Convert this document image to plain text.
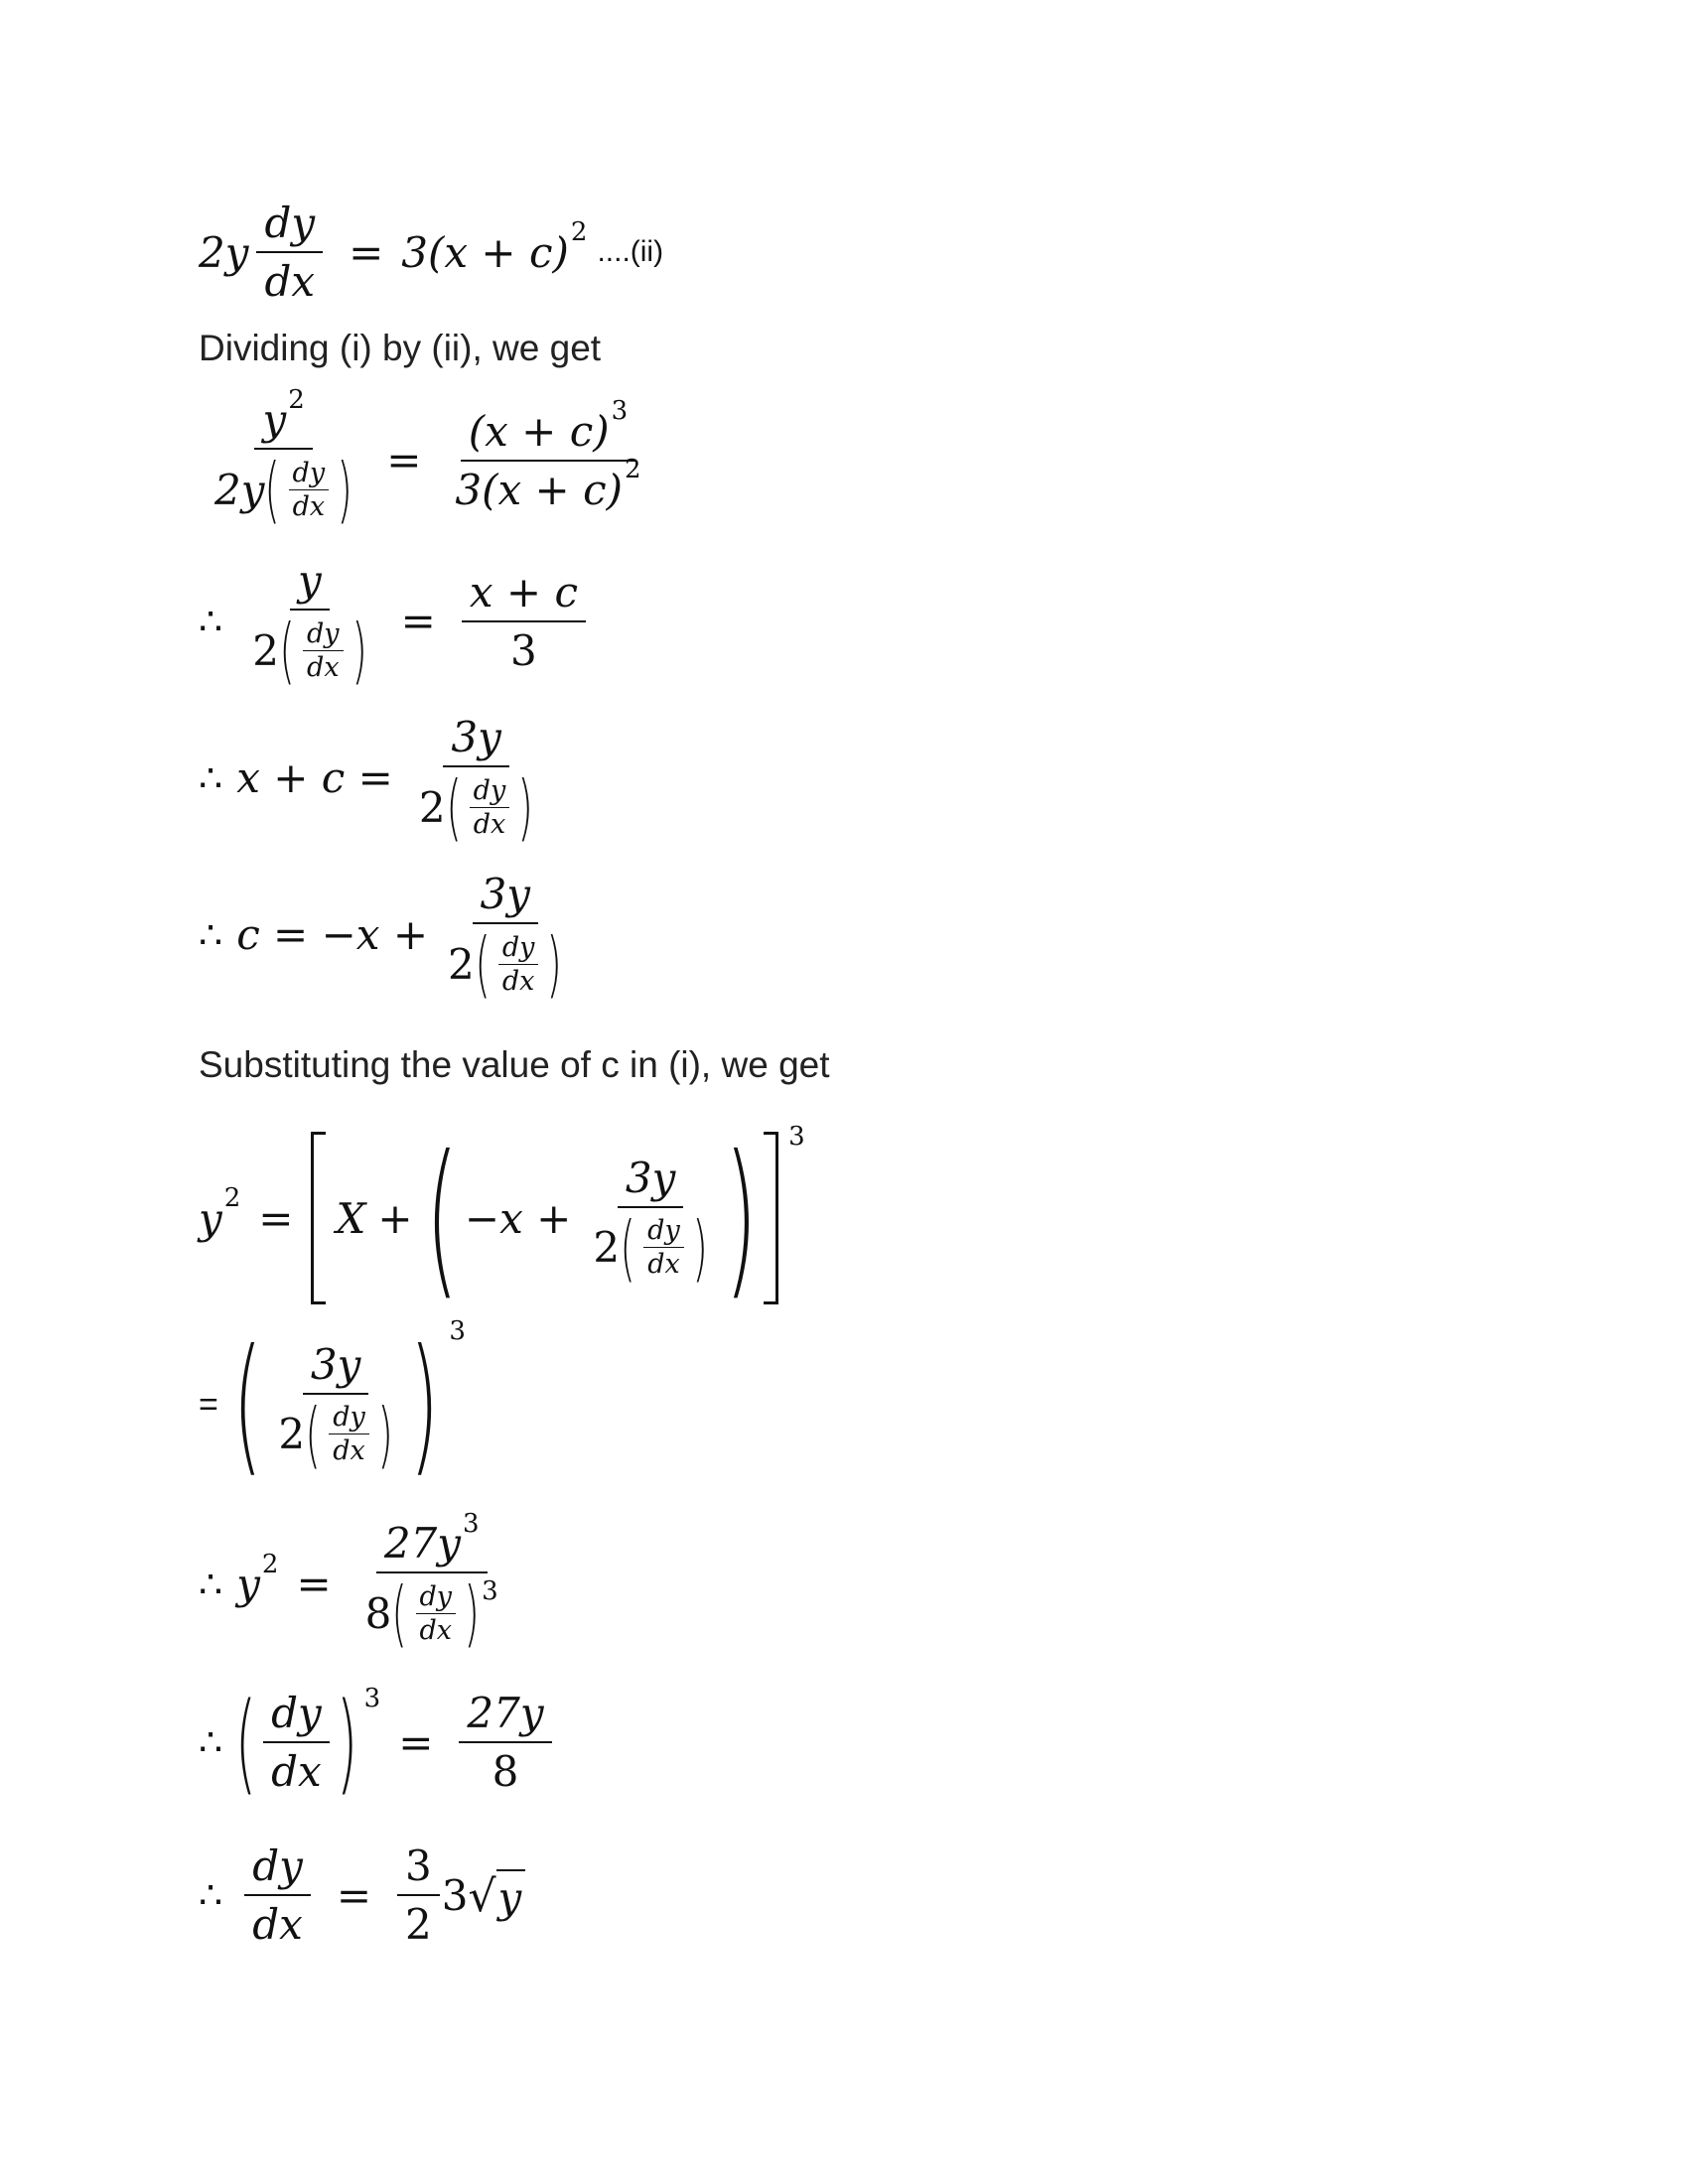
$2y \frac{dy}{dx} = 3(x + c)$ 2
....(ii)
Dividing (i) by (ii), we get
$\frac{y 2}{2y ( \frac{dy}{dx} )} = \frac{(x + c) 3}{3(x + c) 2}$
∴ $\frac{y}{2 ( \frac{dy}{dx} )} = \frac{x + c}{3}$
∴ $x + c = \frac{3y}{2 ( \frac{dy}{dx} )}$
∴ $c = -x + \frac{3y}{2 ( \frac{dy}{dx} )}$
Substituting the value of c in (i), we get
y 2 = X + ( $-x + \frac{3y}{2 ( \frac{dy}{dx} )}$ ) 3
= ( $\frac{3y}{2 ( \frac{dy}{dx} )}$ ) 3
∴ y $2 = \frac{27y 3}{8 ( \frac{dy}{dx} ) 3}$
∴ ( $\frac{dy}{dx}$ ) 3
= $\frac{27y}{8}$
∴ $\frac{dy}{dx} = \frac{3}{2} 3$ √ y
